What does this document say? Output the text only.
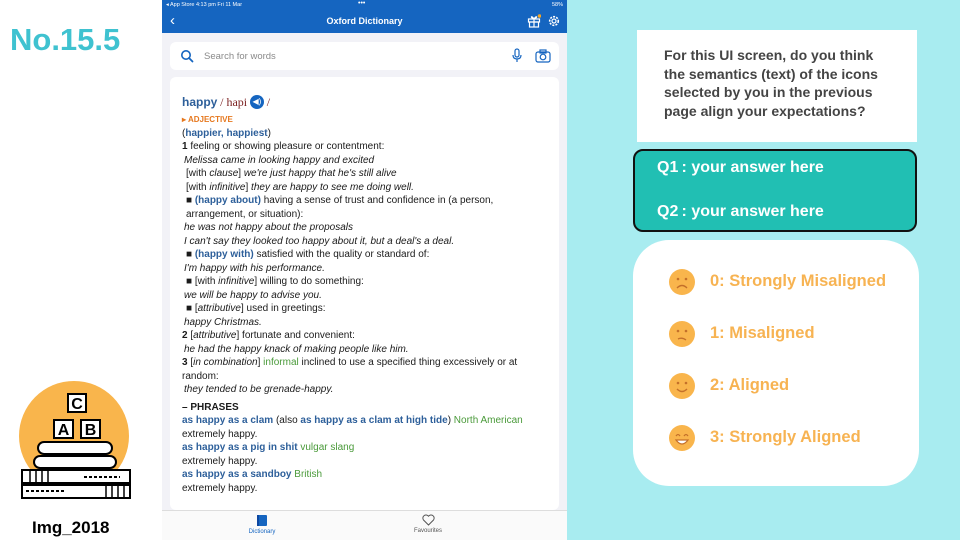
No.15.5
C
A B
Img_2018
◂ App Store 4:13 pm Fri 11 Mar	•••	58%
‹	Oxford Dictionary
Search for words
happy / hapi ◀) /
▸ ADJECTIVE
(happier, happiest)
1 feeling or showing pleasure or contentment:
Melissa came in looking happy and excited
[with clause] we're just happy that he's still alive
[with infinitive] they are happy to see me doing well.
■ (happy about) having a sense of trust and confidence in (a person, arrangement, or situation):
he was not happy about the proposals
I can't say they looked too happy about it, but a deal's a deal.
■ (happy with) satisfied with the quality or standard of:
I'm happy with his performance.
■ [with infinitive] willing to do something:
we will be happy to advise you.
■ [attributive] used in greetings:
happy Christmas.
2 [attributive] fortunate and convenient:
he had the happy knack of making people like him.
3 [in combination] informal inclined to use a specified thing excessively or at random:
they tended to be grenade-happy.
– PHRASES
as happy as a clam (also as happy as a clam at high tide) North American
extremely happy.
as happy as a pig in shit vulgar slang
extremely happy.
as happy as a sandboy British
extremely happy.
Dictionary	Favourites
For this UI screen, do you think the semantics (text) of the icons selected by you in the previous page align your expectations?
Q1 : your answer here
Q2 : your answer here
0: Strongly Misaligned
1: Misaligned
2: Aligned
3: Strongly Aligned
